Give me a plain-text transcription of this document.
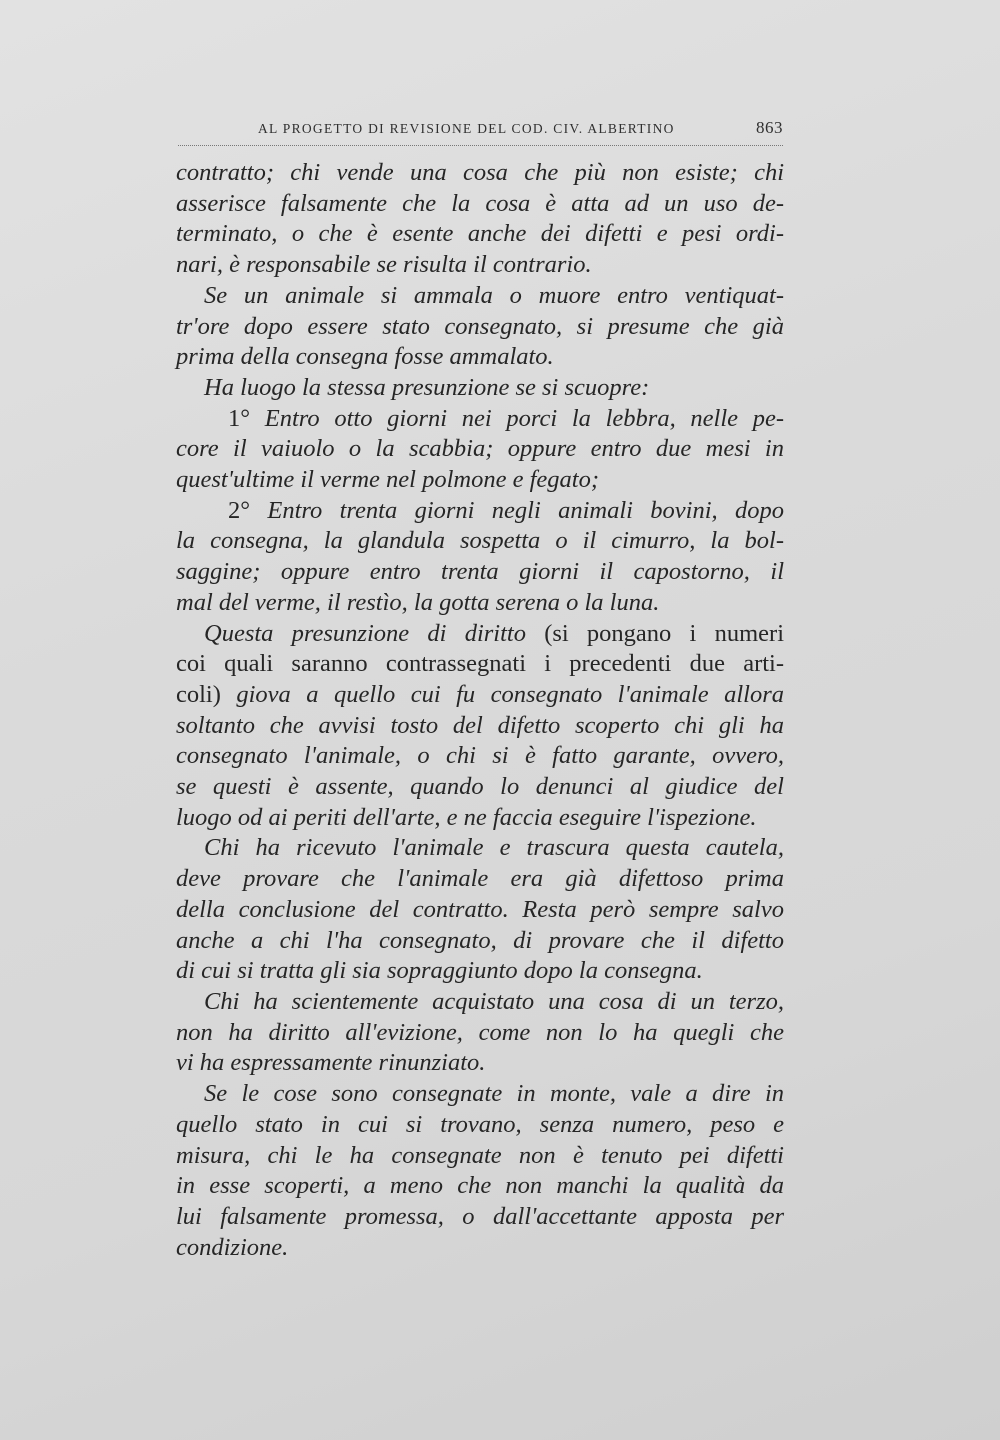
AL PROGETTO DI REVISIONE DEL COD. CIV. ALBERTINO	863
contratto; chi vende una cosa che più non esiste; chi
asserisce falsamente che la cosa è atta ad un uso de-
terminato, o che è esente anche dei difetti e pesi ordi-
nari, è responsabile se risulta il contrario.
Se un animale si ammala o muore entro ventiquat-
tr'ore dopo essere stato consegnato, si presume che già
prima della consegna fosse ammalato.
Ha luogo la stessa presunzione se si scuopre:
1° Entro otto giorni nei porci la lebbra, nelle pe-
core il vaiuolo o la scabbia; oppure entro due mesi in
quest'ultime il verme nel polmone e fegato;
2° Entro trenta giorni negli animali bovini, dopo
la consegna, la glandula sospetta o il cimurro, la bol-
saggine; oppure entro trenta giorni il capostorno, il
mal del verme, il restìo, la gotta serena o la luna.
Questa presunzione di diritto (si pongano i numeri
coi quali saranno contrassegnati i precedenti due arti-
coli) giova a quello cui fu consegnato l'animale allora
soltanto che avvisi tosto del difetto scoperto chi gli ha
consegnato l'animale, o chi si è fatto garante, ovvero,
se questi è assente, quando lo denunci al giudice del
luogo od ai periti dell'arte, e ne faccia eseguire l'ispezione.
Chi ha ricevuto l'animale e trascura questa cautela,
deve provare che l'animale era già difettoso prima
della conclusione del contratto. Resta però sempre salvo
anche a chi l'ha consegnato, di provare che il difetto
di cui si tratta gli sia sopraggiunto dopo la consegna.
Chi ha scientemente acquistato una cosa di un terzo,
non ha diritto all'evizione, come non lo ha quegli che
vi ha espressamente rinunziato.
Se le cose sono consegnate in monte, vale a dire in
quello stato in cui si trovano, senza numero, peso e
misura, chi le ha consegnate non è tenuto pei difetti
in esse scoperti, a meno che non manchi la qualità da
lui falsamente promessa, o dall'accettante apposta per
condizione.
